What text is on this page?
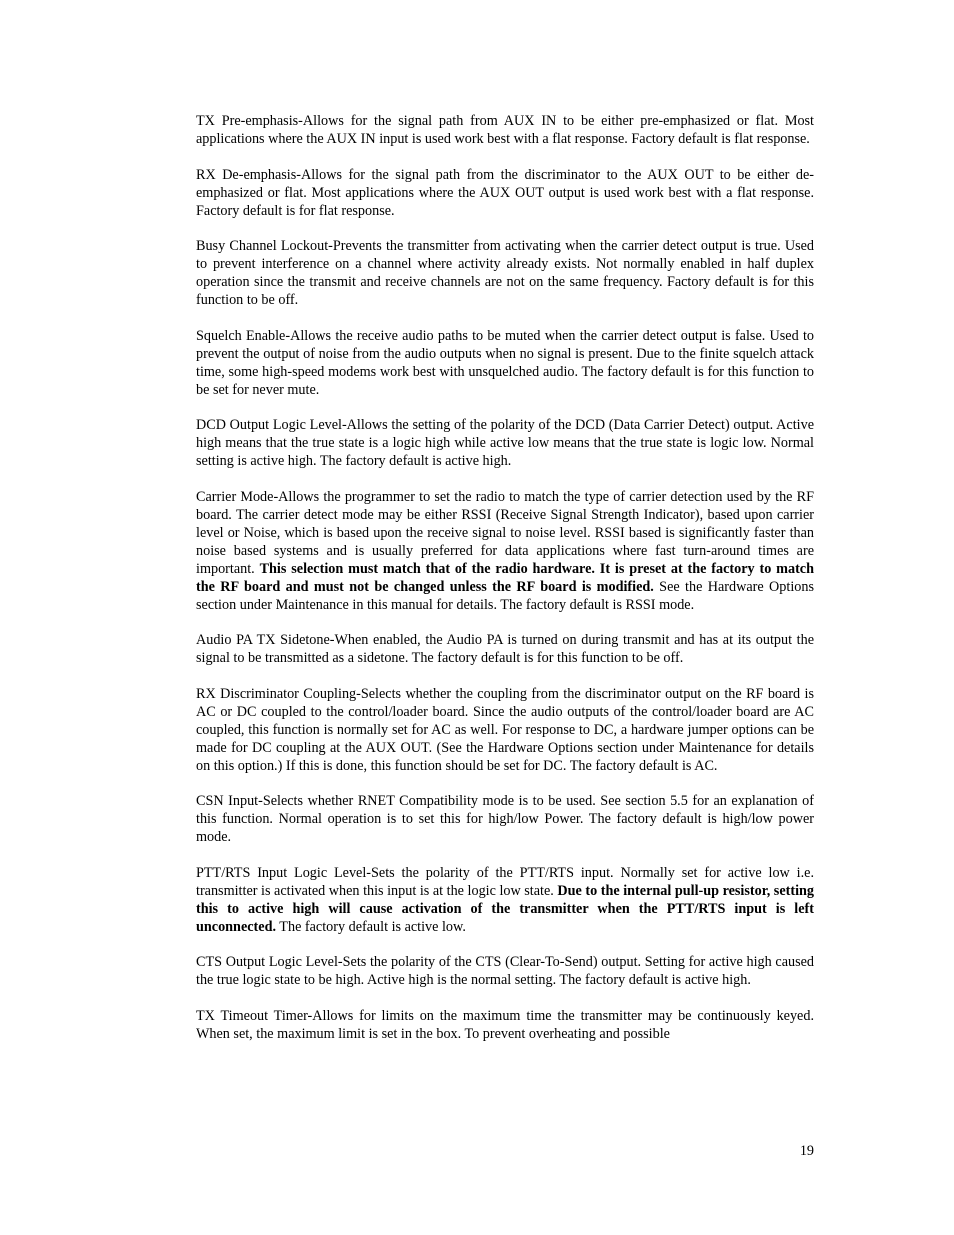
TX Pre-emphasis-Allows for the signal path from AUX IN to be either pre-emphasized or flat. Most applications where the AUX IN input is used work best with a flat response. Factory default is flat response.

RX De-emphasis-Allows for the signal path from the discriminator to the AUX OUT to be either de-emphasized or flat. Most applications where the AUX OUT output is used work best with a flat response. Factory default is for flat response.

Busy Channel Lockout-Prevents the transmitter from activating when the carrier detect output is true. Used to prevent interference on a channel where activity already exists. Not normally enabled in half duplex operation since the transmit and receive channels are not on the same frequency. Factory default is for this function to be off.

Squelch Enable-Allows the receive audio paths to be muted when the carrier detect output is false. Used to prevent the output of noise from the audio outputs when no signal is present. Due to the finite squelch attack time, some high-speed modems work best with unsquelched audio. The factory default is for this function to be set for never mute.

DCD Output Logic Level-Allows the setting of the polarity of the DCD (Data Carrier Detect) output. Active high means that the true state is a logic high while active low means that the true state is logic low. Normal setting is active high. The factory default is active high.

Carrier Mode-Allows the programmer to set the radio to match the type of carrier detection used by the RF board. The carrier detect mode may be either RSSI (Receive Signal Strength Indicator), based upon carrier level or Noise, which is based upon the receive signal to noise level. RSSI based is significantly faster than noise based systems and is usually preferred for data applications where fast turn-around times are important. This selection must match that of the radio hardware. It is preset at the factory to match the RF board and must not be changed unless the RF board is modified. See the Hardware Options section under Maintenance in this manual for details. The factory default is RSSI mode.

Audio PA TX Sidetone-When enabled, the Audio PA is turned on during transmit and has at its output the signal to be transmitted as a sidetone. The factory default is for this function to be off.

RX Discriminator Coupling-Selects whether the coupling from the discriminator output on the RF board is AC or DC coupled to the control/loader board. Since the audio outputs of the control/loader board are AC coupled, this function is normally set for AC as well. For response to DC, a hardware jumper options can be made for DC coupling at the AUX OUT. (See the Hardware Options section under Maintenance for details on this option.) If this is done, this function should be set for DC. The factory default is AC.

CSN Input-Selects whether RNET Compatibility mode is to be used. See section 5.5 for an explanation of this function. Normal operation is to set this for high/low Power. The factory default is high/low power mode.

PTT/RTS Input Logic Level-Sets the polarity of the PTT/RTS input. Normally set for active low i.e. transmitter is activated when this input is at the logic low state. Due to the internal pull-up resistor, setting this to active high will cause activation of the transmitter when the PTT/RTS input is left unconnected. The factory default is active low.

CTS Output Logic Level-Sets the polarity of the CTS (Clear-To-Send) output. Setting for active high caused the true logic state to be high. Active high is the normal setting. The factory default is active high.

TX Timeout Timer-Allows for limits on the maximum time the transmitter may be continuously keyed. When set, the maximum limit is set in the box. To prevent overheating and possible

19
